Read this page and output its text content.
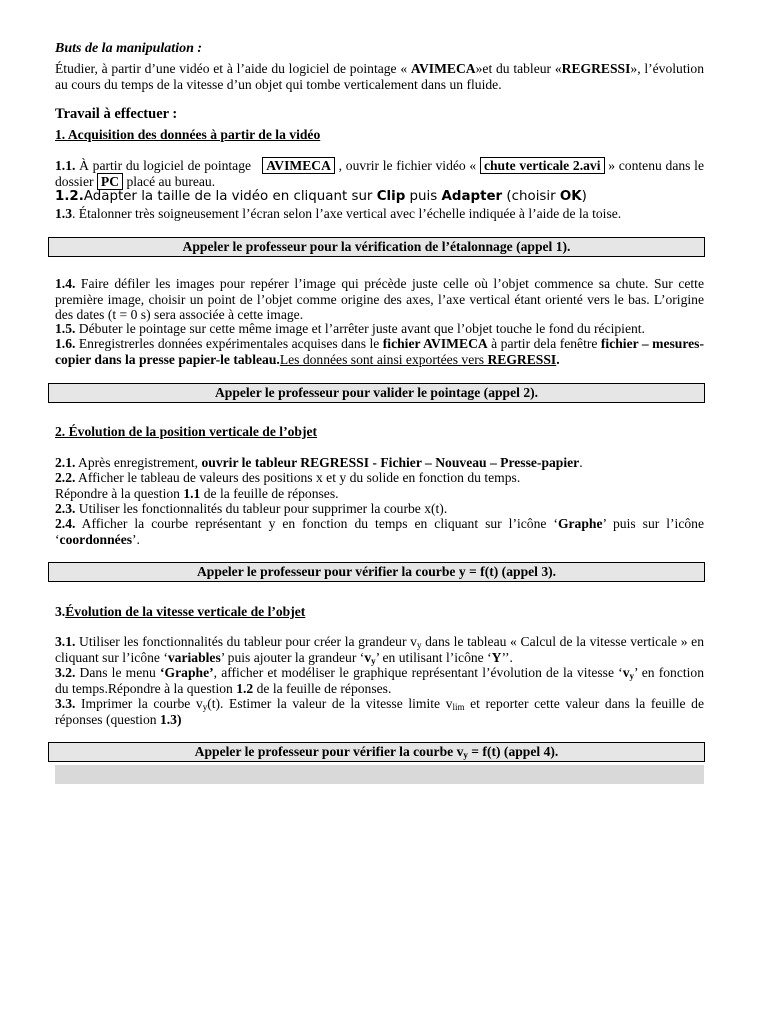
Buts de la manipulation :

Étudier, à partir d’une vidéo et à l’aide du logiciel de pointage « AVIMECA»et du tableur «REGRESSI», l’évolution au cours du temps de la vitesse d’un objet qui tombe verticalement dans un fluide.

Travail à effectuer :

1. Acquisition des données à partir de la vidéo

1.1. À partir du logiciel de pointage   AVIMECA , ouvrir le fichier vidéo « chute verticale 2.avi » contenu dans le dossier PC placé au bureau.

1.2.Adapter la taille de la vidéo en cliquant sur Clip puis Adapter (choisir OK)

1.3. Étalonner très soigneusement l’écran selon l’axe vertical avec l’échelle indiquée à l’aide de la toise.

1.4. Faire défiler les images pour repérer l’image qui précède juste celle où l’objet commence sa chute. Sur cette première image, choisir un point de l’objet comme origine des axes, l’axe vertical étant orienté vers le bas. L’origine des dates (t = 0 s) sera associée à cette image.

1.5. Débuter le pointage sur cette même image et l’arrêter juste avant que l’objet touche le fond du récipient.

1.6. Enregistrerles données expérimentales acquises dans le fichier AVIMECA à partir dela fenêtre fichier – mesures-copier dans la presse papier-le tableau.Les données sont ainsi exportées vers REGRESSI.

2. Évolution de la position verticale de l’objet

2.1. Après enregistrement, ouvrir le tableur REGRESSI - Fichier – Nouveau – Presse-papier.

2.2. Afficher le tableau de valeurs des positions x et y du solide en fonction du temps.

Répondre à la question 1.1 de la feuille de réponses.

2.3. Utiliser les fonctionnalités du tableur pour supprimer la courbe x(t).

2.4. Afficher la courbe représentant y en fonction du temps en cliquant sur l’icône ‘Graphe’ puis sur l’icône ‘coordonnées’.

3.Évolution de la vitesse verticale de l’objet

3.1. Utiliser les fonctionnalités du tableur pour créer la grandeur $v_y$ dans le tableau « Calcul de la vitesse verticale » en cliquant sur l’icône ‘variables’ puis ajouter la grandeur ‘$v_y$’ en utilisant l’icône ‘Y’’.

3.2. Dans le menu ‘Graphe’, afficher et modéliser le graphique représentant l’évolution de la vitesse ‘$v_y$’ en fonction du temps.Répondre à la question 1.2 de la feuille de réponses.

3.3. Imprimer la courbe $v_y(t)$. Estimer la valeur de la vitesse limite $v_{lim}$ et reporter cette valeur dans la feuille de réponses (question 1.3)

Appeler le professeur pour la vérification de l’étalonnage (appel 1).
Appeler le professeur pour valider le pointage (appel 2).
Appeler le professeur pour vérifier la courbe y = f(t) (appel 3).
Appeler le professeur pour vérifier la courbe $v_y = f(t)$ (appel 4).
